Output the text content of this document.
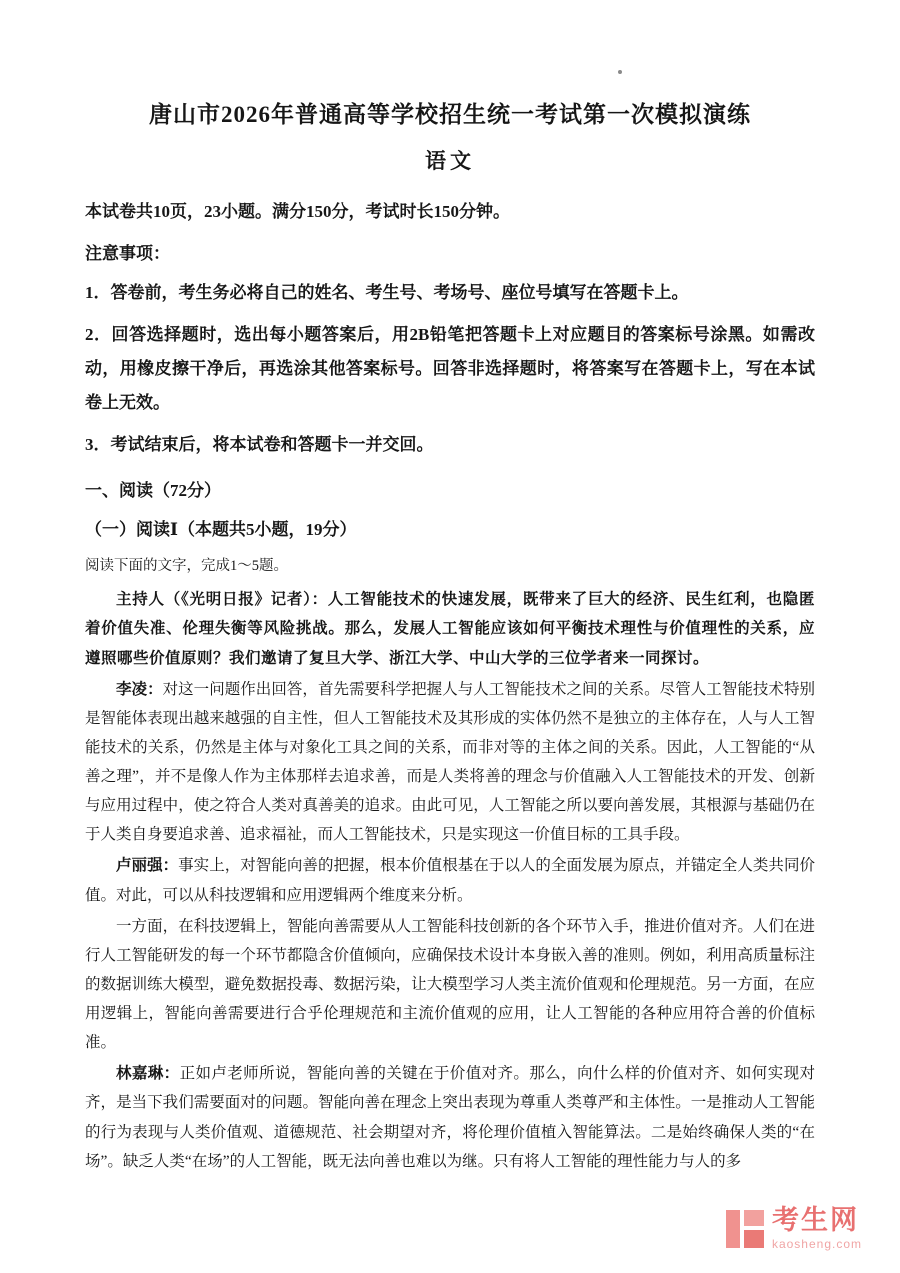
唐山市2026年普通高等学校招生统一考试第一次模拟演练
语文

本试卷共10页，23小题。满分150分，考试时长150分钟。

注意事项：

1．答卷前，考生务必将自己的姓名、考生号、考场号、座位号填写在答题卡上。

2．回答选择题时，选出每小题答案后，用2B铅笔把答题卡上对应题目的答案标号涂黑。如需改动，用橡皮擦干净后，再选涂其他答案标号。回答非选择题时，将答案写在答题卡上，写在本试卷上无效。

3．考试结束后，将本试卷和答题卡一并交回。

一、阅读（72分）

（一）阅读Ⅰ（本题共5小题，19分）

阅读下面的文字，完成1～5题。

主持人（《光明日报》记者）：人工智能技术的快速发展，既带来了巨大的经济、民生红利，也隐匿着价值失准、伦理失衡等风险挑战。那么，发展人工智能应该如何平衡技术理性与价值理性的关系，应遵照哪些价值原则？我们邀请了复旦大学、浙江大学、中山大学的三位学者来一同探讨。
李凌：对这一问题作出回答，首先需要科学把握人与人工智能技术之间的关系。尽管人工智能技术特别是智能体表现出越来越强的自主性，但人工智能技术及其形成的实体仍然不是独立的主体存在，人与人工智能技术的关系，仍然是主体与对象化工具之间的关系，而非对等的主体之间的关系。因此，人工智能的“从善之理”，并不是像人作为主体那样去追求善，而是人类将善的理念与价值融入人工智能技术的开发、创新与应用过程中，使之符合人类对真善美的追求。由此可见，人工智能之所以要向善发展，其根源与基础仍在于人类自身要追求善、追求福祉，而人工智能技术，只是实现这一价值目标的工具手段。
卢丽强：事实上，对智能向善的把握，根本价值根基在于以人的全面发展为原点，并锚定全人类共同价值。对此，可以从科技逻辑和应用逻辑两个维度来分析。
一方面，在科技逻辑上，智能向善需要从人工智能科技创新的各个环节入手，推进价值对齐。人们在进行人工智能研发的每一个环节都隐含价值倾向，应确保技术设计本身嵌入善的准则。例如，利用高质量标注的数据训练大模型，避免数据投毒、数据污染，让大模型学习人类主流价值观和伦理规范。另一方面，在应用逻辑上，智能向善需要进行合乎伦理规范和主流价值观的应用，让人工智能的各种应用符合善的价值标准。
林嘉琳：正如卢老师所说，智能向善的关键在于价值对齐。那么，向什么样的价值对齐、如何实现对齐，是当下我们需要面对的问题。智能向善在理念上突出表现为尊重人类尊严和主体性。一是推动人工智能的行为表现与人类价值观、道德规范、社会期望对齐，将伦理价值植入智能算法。二是始终确保人类的“在场”。缺乏人类“在场”的人工智能，既无法向善也难以为继。只有将人工智能的理性能力与人的多
考生网
kaosheng.com
